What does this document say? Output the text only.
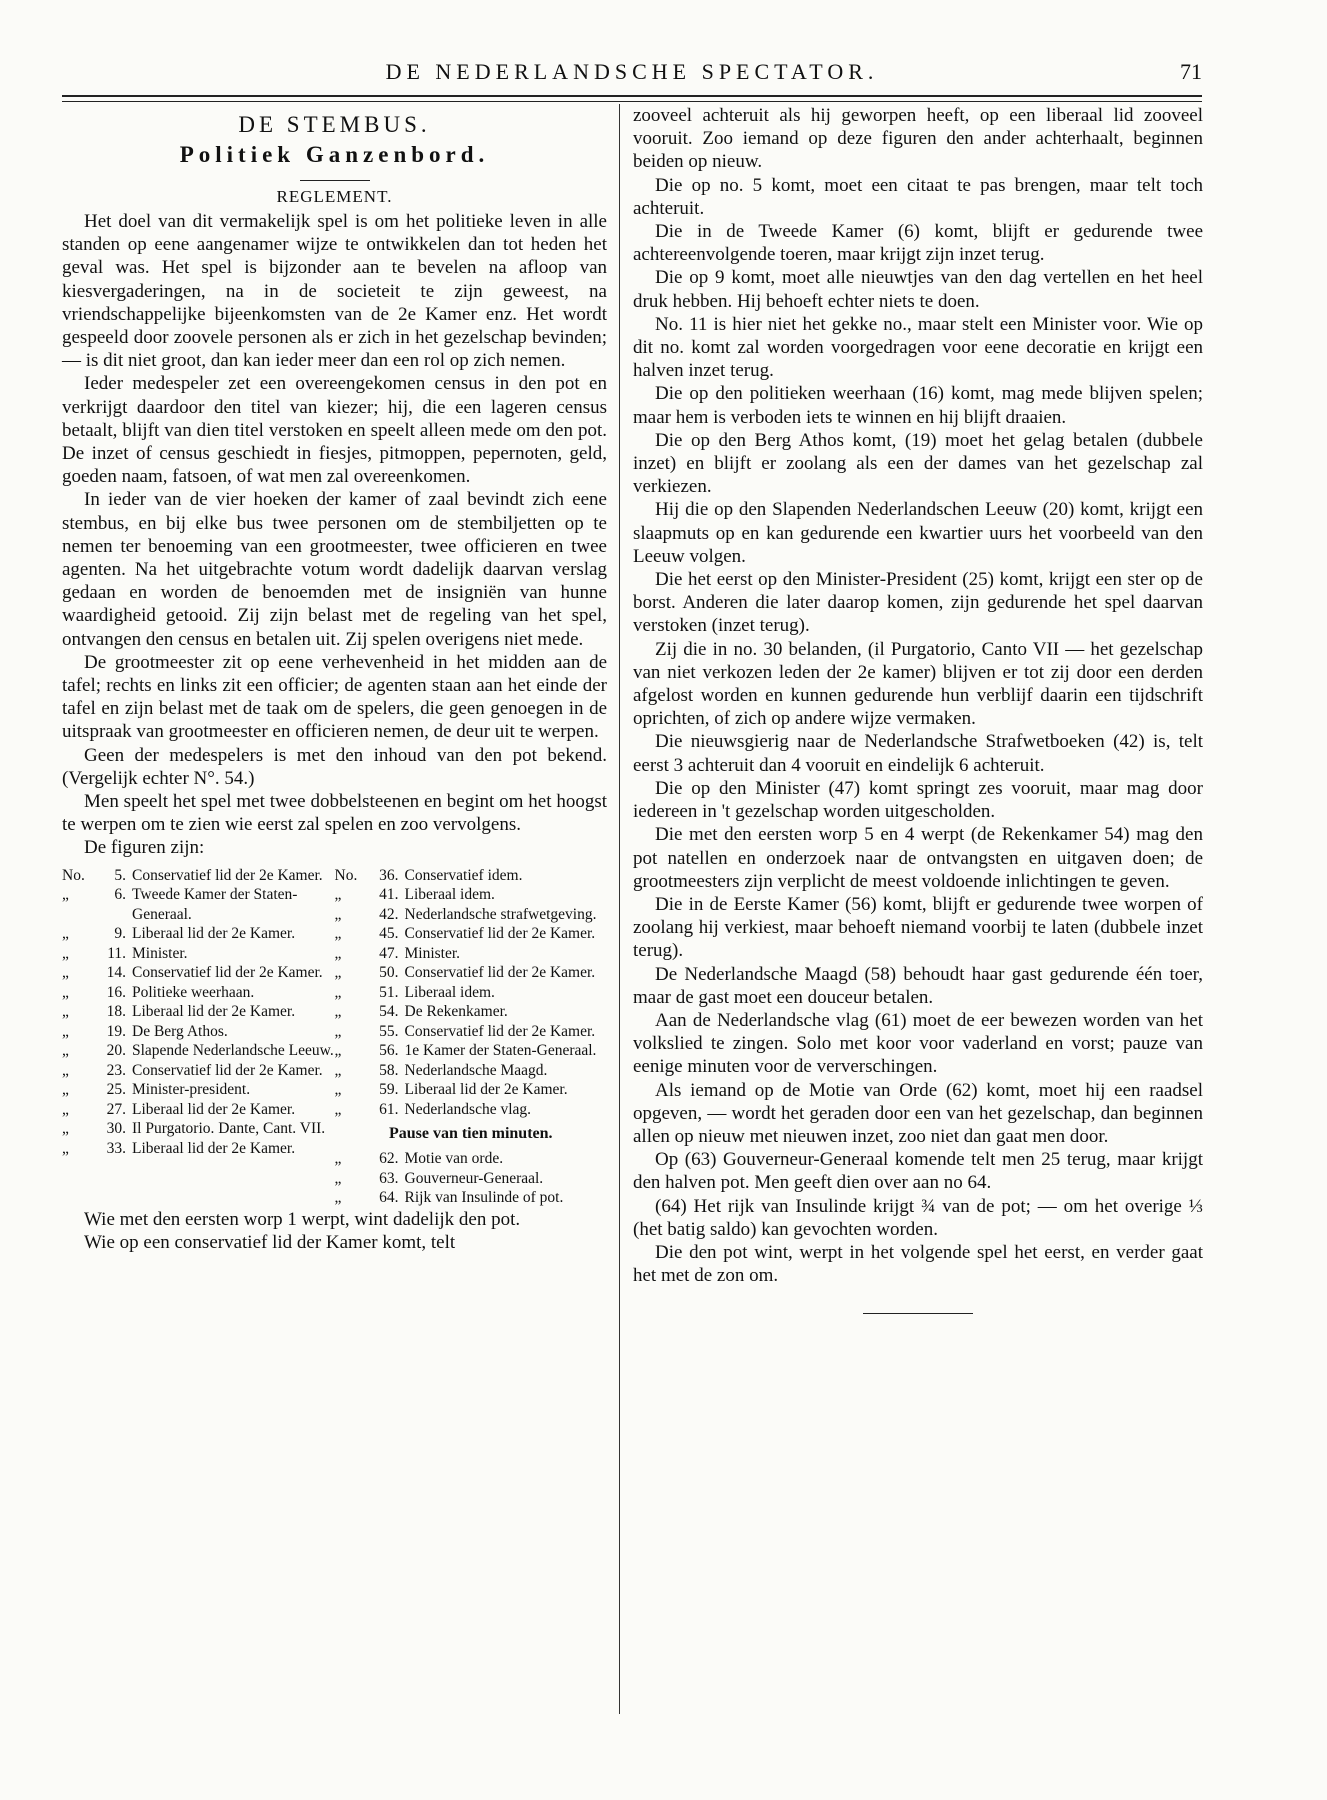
DE NEDERLANDSCHE SPECTATOR.	71
DE STEMBUS.
Politiek Ganzenbord.
REGLEMENT.

Het doel van dit vermakelijk spel is om het politieke leven in alle standen op eene aangenamer wijze te ontwikkelen dan tot heden het geval was. Het spel is bijzonder aan te bevelen na afloop van kiesvergaderingen, na in de societeit te zijn geweest, na vriendschappelijke bijeenkomsten van de 2e Kamer enz. Het wordt gespeeld door zoovele personen als er zich in het gezelschap bevinden; — is dit niet groot, dan kan ieder meer dan een rol op zich nemen.

Ieder medespeler zet een overeengekomen census in den pot en verkrijgt daardoor den titel van kiezer; hij, die een lageren census betaalt, blijft van dien titel verstoken en speelt alleen mede om den pot. De inzet of census geschiedt in fiesjes, pitmoppen, pepernoten, geld, goeden naam, fatsoen, of wat men zal overeenkomen.

In ieder van de vier hoeken der kamer of zaal bevindt zich eene stembus, en bij elke bus twee personen om de stembiljetten op te nemen ter benoeming van een grootmeester, twee officieren en twee agenten. Na het uitgebrachte votum wordt dadelijk daarvan verslag gedaan en worden de benoemden met de insigniën van hunne waardigheid getooid. Zij zijn belast met de regeling van het spel, ontvangen den census en betalen uit. Zij spelen overigens niet mede.

De grootmeester zit op eene verhevenheid in het midden aan de tafel; rechts en links zit een officier; de agenten staan aan het einde der tafel en zijn belast met de taak om de spelers, die geen genoegen in de uitspraak van grootmeester en officieren nemen, de deur uit te werpen.

Geen der medespelers is met den inhoud van den pot bekend. (Vergelijk echter N°. 54.)

Men speelt het spel met twee dobbelsteenen en begint om het hoogst te werpen om te zien wie eerst zal spelen en zoo vervolgens.

De figuren zijn:

No.	5. Conservatief lid der 2e Kamer.
„	6. Tweede Kamer der Staten-Generaal.
„	9. Liberaal lid der 2e Kamer.
„	11. Minister.
„	14. Conservatief lid der 2e Kamer.
„	16. Politieke weerhaan.
„	18. Liberaal lid der 2e Kamer.
„	19. De Berg Athos.
„	20. Slapende Nederlandsche Leeuw.
„	23. Conservatief lid der 2e Kamer.
„	25. Minister-president.
„	27. Liberaal lid der 2e Kamer.
„	30. Il Purgatorio. Dante, Cant. VII.
„	33. Liberaal lid der 2e Kamer.
No.	36. Conservatief idem.
„	41. Liberaal idem.
„	42. Nederlandsche strafwetgeving.
„	45. Conservatief lid der 2e Kamer.
„	47. Minister.
„	50. Conservatief lid der 2e Kamer.
„	51. Liberaal idem.
„	54. De Rekenkamer.
„	55. Conservatief lid der 2e Kamer.
„	56. 1e Kamer der Staten-Generaal.
„	58. Nederlandsche Maagd.
„	59. Liberaal lid der 2e Kamer.
„	61. Nederlandsche vlag.
Pause van tien minuten.
„	62. Motie van orde.
„	63. Gouverneur-Generaal.
„	64. Rijk van Insulinde of pot.

Wie met den eersten worp 1 werpt, wint dadelijk den pot.

Wie op een conservatief lid der Kamer komt, telt

zooveel achteruit als hij geworpen heeft, op een liberaal lid zooveel vooruit. Zoo iemand op deze figuren den ander achterhaalt, beginnen beiden op nieuw.

Die op no. 5 komt, moet een citaat te pas brengen, maar telt toch achteruit.

Die in de Tweede Kamer (6) komt, blijft er gedurende twee achtereenvolgende toeren, maar krijgt zijn inzet terug.

Die op 9 komt, moet alle nieuwtjes van den dag vertellen en het heel druk hebben. Hij behoeft echter niets te doen.

No. 11 is hier niet het gekke no., maar stelt een Minister voor. Wie op dit no. komt zal worden voorgedragen voor eene decoratie en krijgt een halven inzet terug.

Die op den politieken weerhaan (16) komt, mag mede blijven spelen; maar hem is verboden iets te winnen en hij blijft draaien.

Die op den Berg Athos komt, (19) moet het gelag betalen (dubbele inzet) en blijft er zoolang als een der dames van het gezelschap zal verkiezen.

Hij die op den Slapenden Nederlandschen Leeuw (20) komt, krijgt een slaapmuts op en kan gedurende een kwartier uurs het voorbeeld van den Leeuw volgen.

Die het eerst op den Minister-President (25) komt, krijgt een ster op de borst. Anderen die later daarop komen, zijn gedurende het spel daarvan verstoken (inzet terug).

Zij die in no. 30 belanden, (il Purgatorio, Canto VII — het gezelschap van niet verkozen leden der 2e kamer) blijven er tot zij door een derden afgelost worden en kunnen gedurende hun verblijf daarin een tijdschrift oprichten, of zich op andere wijze vermaken.

Die nieuwsgierig naar de Nederlandsche Strafwetboeken (42) is, telt eerst 3 achteruit dan 4 vooruit en eindelijk 6 achteruit.

Die op den Minister (47) komt springt zes vooruit, maar mag door iedereen in 't gezelschap worden uitgescholden.

Die met den eersten worp 5 en 4 werpt (de Rekenkamer 54) mag den pot natellen en onderzoek naar de ontvangsten en uitgaven doen; de grootmeesters zijn verplicht de meest voldoende inlichtingen te geven.

Die in de Eerste Kamer (56) komt, blijft er gedurende twee worpen of zoolang hij verkiest, maar behoeft niemand voorbij te laten (dubbele inzet terug).

De Nederlandsche Maagd (58) behoudt haar gast gedurende één toer, maar de gast moet een douceur betalen.

Aan de Nederlandsche vlag (61) moet de eer bewezen worden van het volkslied te zingen. Solo met koor voor vaderland en vorst; pauze van eenige minuten voor de ververschingen.

Als iemand op de Motie van Orde (62) komt, moet hij een raadsel opgeven, — wordt het geraden door een van het gezelschap, dan beginnen allen op nieuw met nieuwen inzet, zoo niet dan gaat men door.

Op (63) Gouverneur-Generaal komende telt men 25 terug, maar krijgt den halven pot. Men geeft dien over aan no 64.

(64) Het rijk van Insulinde krijgt ¾ van de pot; — om het overige ⅓ (het batig saldo) kan gevochten worden.

Die den pot wint, werpt in het volgende spel het eerst, en verder gaat het met de zon om.
